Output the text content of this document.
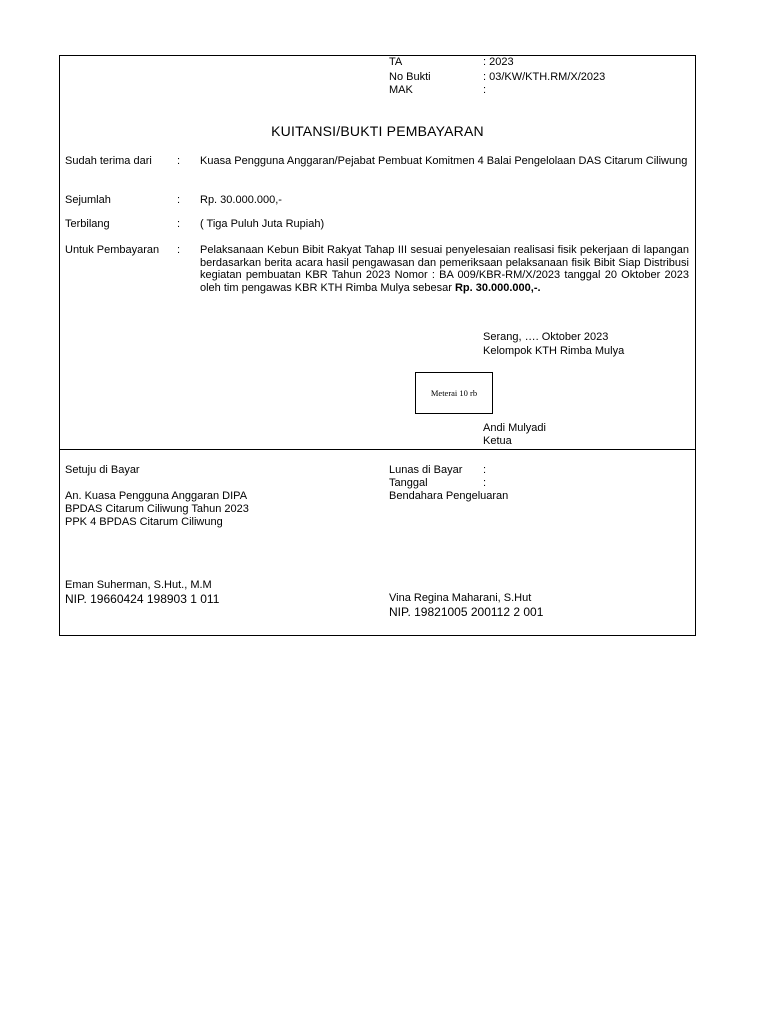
TA	: 2023
No Bukti	: 03/KW/KTH.RM/X/2023
MAK	:
KUITANSI/BUKTI PEMBAYARAN
Sudah terima dari : Kuasa Pengguna Anggaran/Pejabat Pembuat Komitmen 4 Balai Pengelolaan DAS Citarum Ciliwung
Sejumlah	: Rp. 30.000.000,-
Terbilang	: ( Tiga Puluh Juta Rupiah)
Untuk Pembayaran : Pelaksanaan Kebun Bibit Rakyat Tahap III sesuai penyelesaian realisasi fisik pekerjaan di lapangan berdasarkan berita acara hasil pengawasan dan pemeriksaan pelaksanaan fisik Bibit Siap Distribusi kegiatan pembuatan KBR Tahun 2023 Nomor : BA 009/KBR-RM/X/2023 tanggal 20 Oktober 2023 oleh tim pengawas KBR KTH Rimba Mulya sebesar Rp. 30.000.000,-.
Serang, …. Oktober 2023
Kelompok KTH Rimba Mulya
Meterai 10 rb
Andi Mulyadi
Ketua
Setuju di Bayar
An. Kuasa Pengguna Anggaran DIPA
BPDAS Citarum Ciliwung Tahun 2023
PPK 4 BPDAS Citarum Ciliwung
Eman Suherman, S.Hut., M.M
NIP. 19660424 198903 1 011
Lunas di Bayar :
Tanggal	:
Bendahara Pengeluaran
Vina Regina Maharani, S.Hut
NIP. 19821005 200112 2 001
